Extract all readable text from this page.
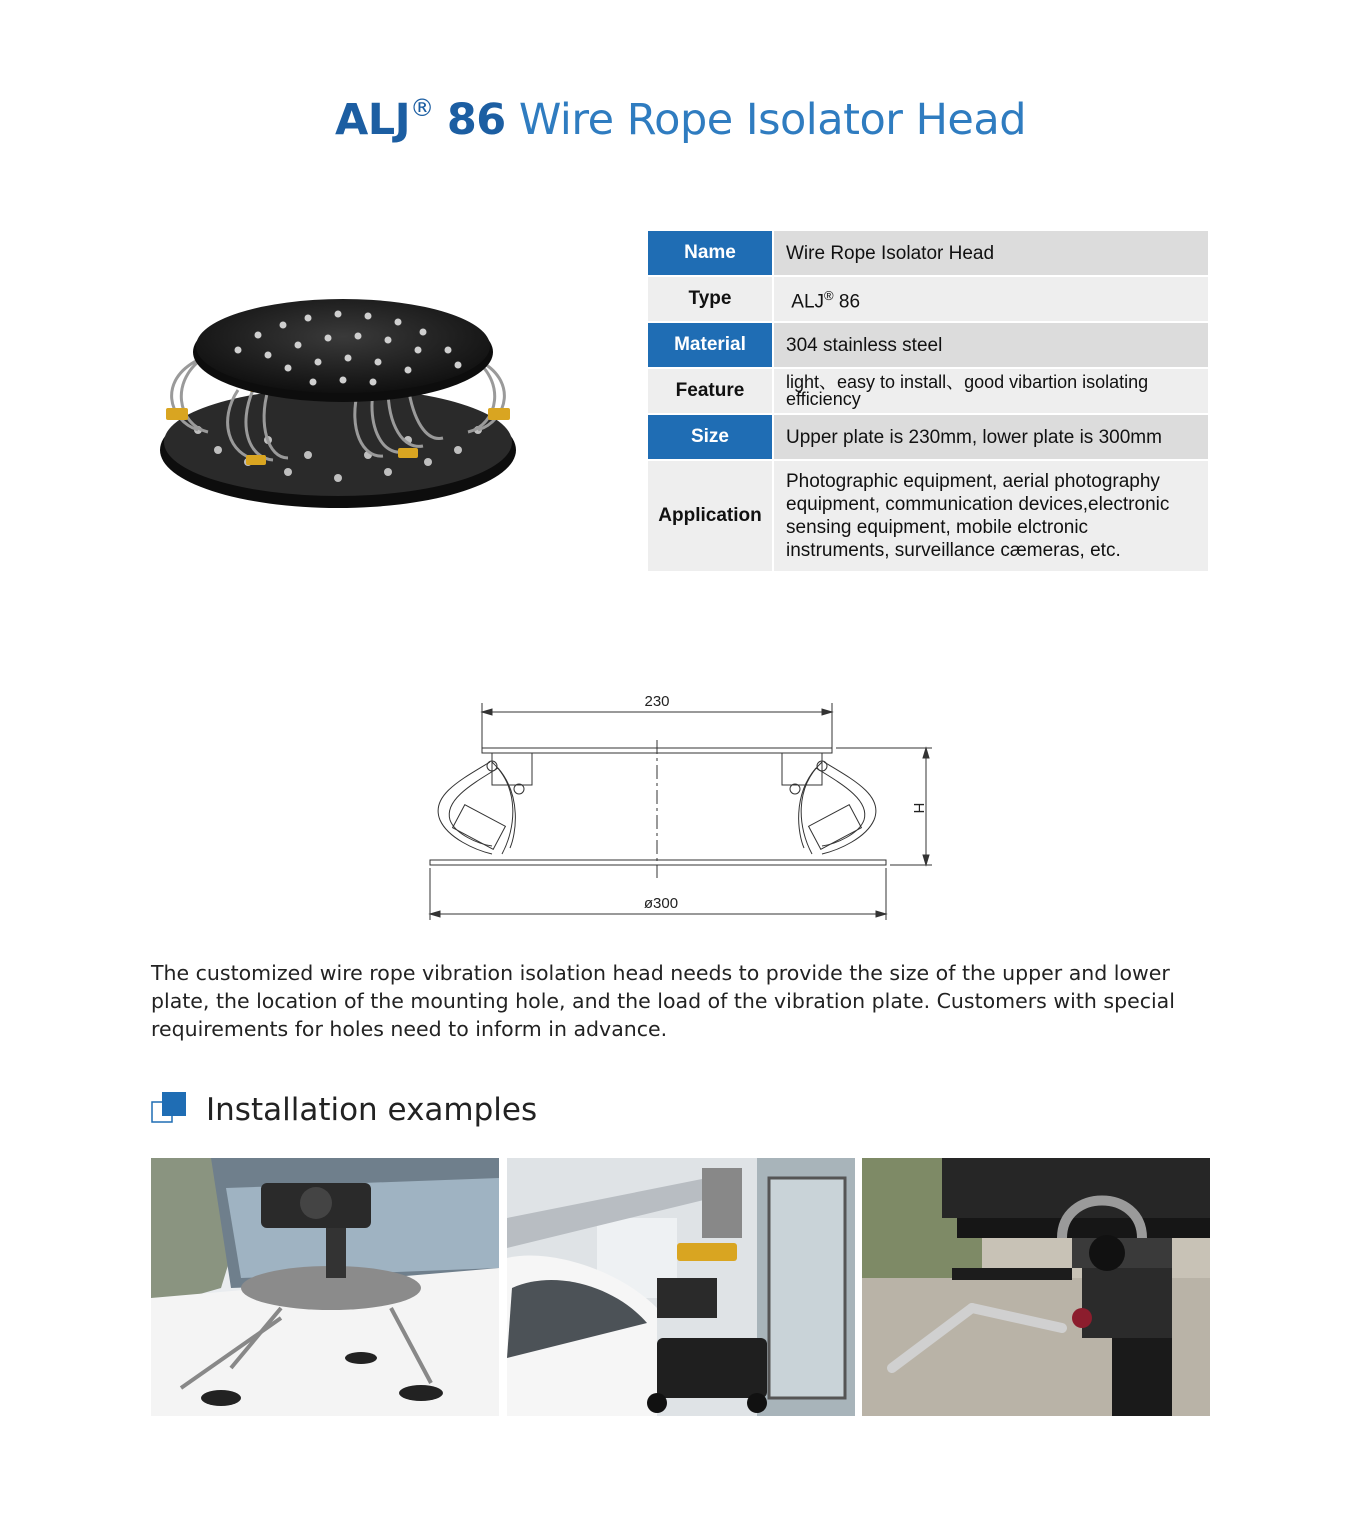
ALJ® 86 Wire Rope Isolator Head
Name	Wire Rope Isolator Head
Type	ALJ® 86
Material	304 stainless steel
Feature	light、easy to install、good vibartion isolating
efficiency

Size	Upper plate is 230mm, lower plate is 300mm
Application	Photographic equipment, aerial photography
equipment, communication devices,electronic
sensing equipment, mobile elctronic
instruments, surveillance cæmeras, etc.
230
ø300
H
The customized wire rope vibration isolation head needs to provide the size of the upper and lower plate, the location of the mounting hole, and the load of the vibration plate. Customers with special requirements for holes need to inform in advance.
Installation examples
